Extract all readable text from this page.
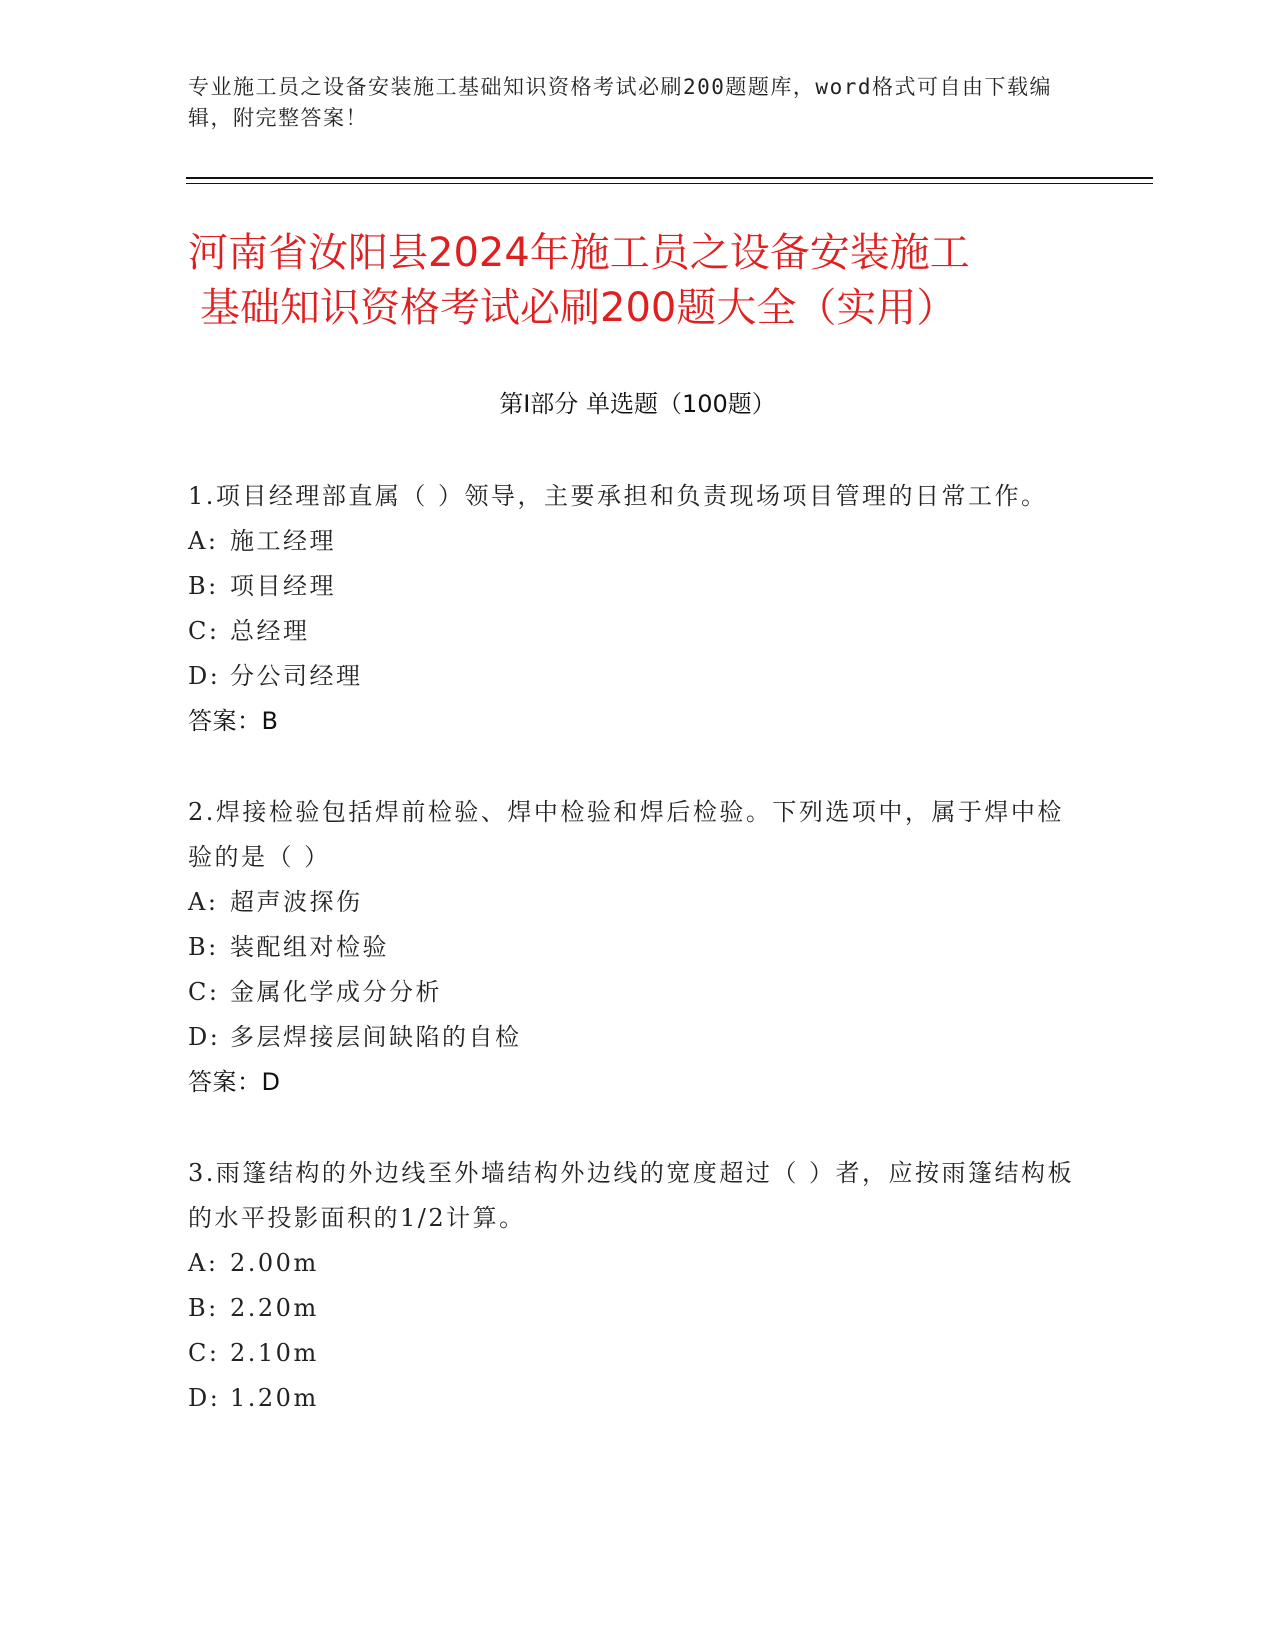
专业施工员之设备安装施工基础知识资格考试必刷200题题库，word格式可自由下载编辑，附完整答案！
河南省汝阳县2024年施工员之设备安装施工
基础知识资格考试必刷200题大全（实用）
第Ⅰ部分 单选题（100题）
1.项目经理部直属（ ）领导，主要承担和负责现场项目管理的日常工作。
A: 施工经理
B: 项目经理
C: 总经理
D: 分公司经理
答案：B
2.焊接检验包括焊前检验、焊中检验和焊后检验。下列选项中，属于焊中检验的是（ ）
A: 超声波探伤
B: 装配组对检验
C: 金属化学成分分析
D: 多层焊接层间缺陷的自检
答案：D
3.雨篷结构的外边线至外墙结构外边线的宽度超过（ ）者，应按雨篷结构板的水平投影面积的1/2计算。
A: 2.00m
B: 2.20m
C: 2.10m
D: 1.20m
